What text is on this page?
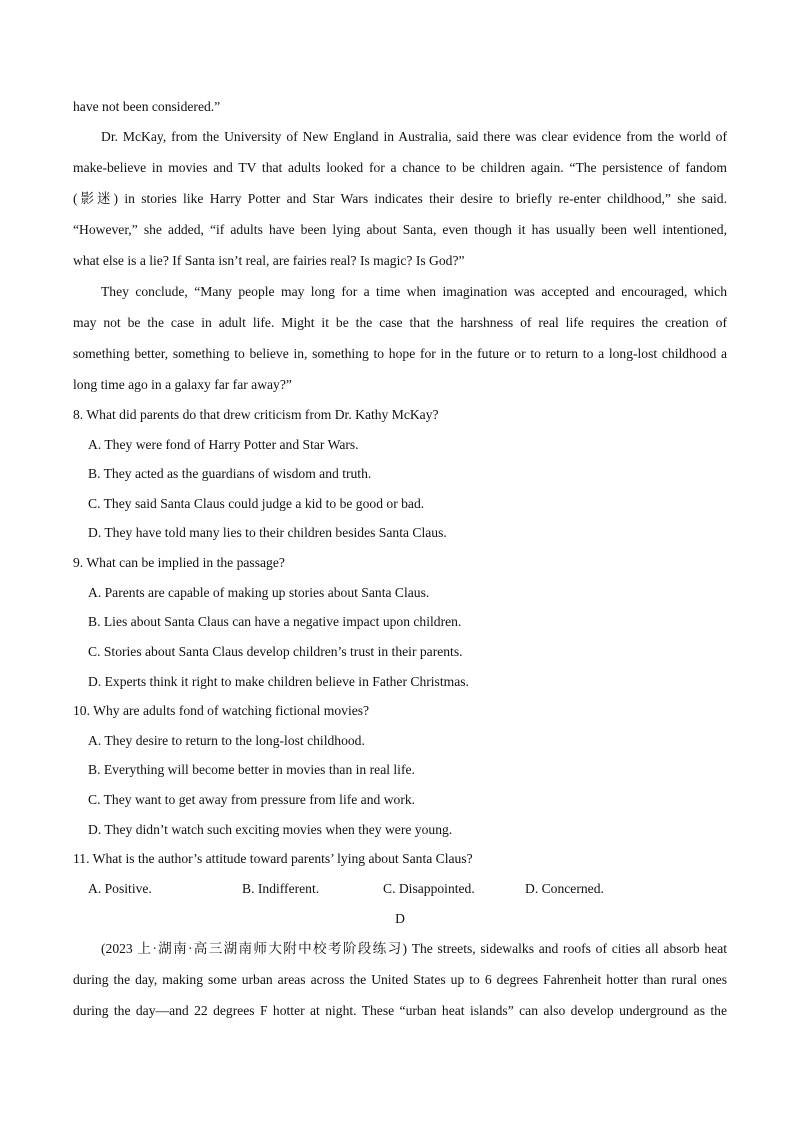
have not been considered.”
Dr. McKay, from the University of New England in Australia, said there was clear evidence from the world of
make-believe in movies and TV that adults looked for a chance to be children again. “The persistence of fandom
(影迷) in stories like Harry Potter and Star Wars indicates their desire to briefly re-enter childhood,” she said.
“However,” she added, “if adults have been lying about Santa, even though it has usually been well intentioned,
what else is a lie? If Santa isn’t real, are fairies real? Is magic? Is God?”
They conclude, “Many people may long for a time when imagination was accepted and encouraged, which
may not be the case in adult life. Might it be the case that the harshness of real life requires the creation of
something better, something to believe in, something to hope for in the future or to return to a long-lost childhood a
long time ago in a galaxy far far away?”
8. What did parents do that drew criticism from Dr. Kathy McKay?
A. They were fond of Harry Potter and Star Wars.
B. They acted as the guardians of wisdom and truth.
C. They said Santa Claus could judge a kid to be good or bad.
D. They have told many lies to their children besides Santa Claus.
9. What can be implied in the passage?
A. Parents are capable of making up stories about Santa Claus.
B. Lies about Santa Claus can have a negative impact upon children.
C. Stories about Santa Claus develop children’s trust in their parents.
D. Experts think it right to make children believe in Father Christmas.
10. Why are adults fond of watching fictional movies?
A. They desire to return to the long-lost childhood.
B. Everything will become better in movies than in real life.
C. They want to get away from pressure from life and work.
D. They didn’t watch such exciting movies when they were young.
11. What is the author’s attitude toward parents’ lying about Santa Claus?
A. Positive.	B. Indifferent.	C. Disappointed.	D. Concerned.
D
(2023 上·湖南·高三湖南师大附中校考阶段练习) The streets, sidewalks and roofs of cities all absorb heat
during the day, making some urban areas across the United States up to 6 degrees Fahrenheit hotter than rural ones
during the day—and 22 degrees F hotter at night. These “urban heat islands” can also develop underground as the
